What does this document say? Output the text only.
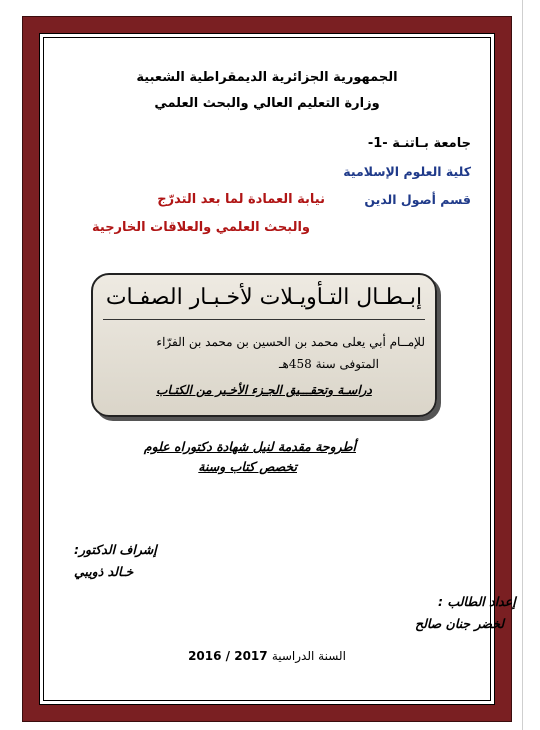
الجمهورية الجزائرية الديمقراطية الشعبية
وزارة التعليم العالي والبحث العلمي
جامعة بـاتنـة -1-
كلية العلوم الإسلامية
قسم أصول الدين
نيابة العمادة لما بعد التدرّج
والبحث العلمي والعلاقات الخارجية
إبـطـال التـأويـلات لأخـبـار الصفـات
للإمــام أبي يعلى محمد بن الحسين بن محمد بن الفرّاء
المتوفى سنة 458هـ
دراسـة وتحقـــيق الجـزء الأخـير من الكتـاب
أطروحة مقدمة لنيل شهادة دكتوراه علوم
تخصص كتاب وسنة
إشراف الدكتور:
خـالد ذويبي
إعداد الطالب :
لخضر جنان صالح
السنة الدراسية 2016 / 2017
